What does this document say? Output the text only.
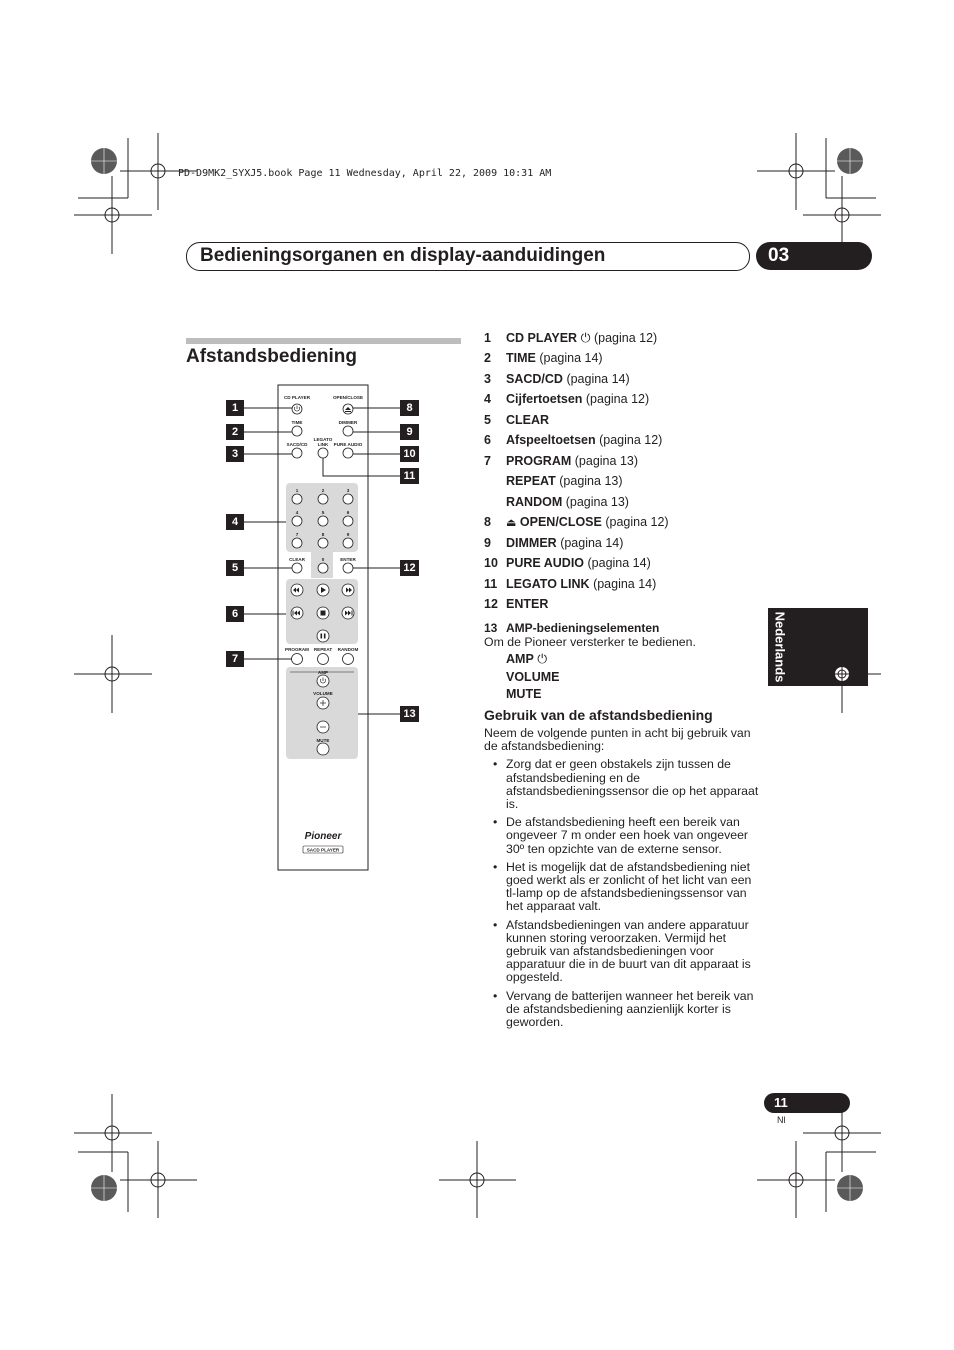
PD-D9MK2_SYXJ5.book Page 11 Wednesday, April 22, 2009 10:31 AM
Bedieningsorganen en display-aanduidingen	03
Afstandsbediening
CD PLAYER	OPEN/CLOSE
TIME	DIMMER
SACD/CD
LEGATO
LINK PURE AUDIO
1	2	3
4	5	6
7	8	9
CLEAR	0	ENTER
PROGRAM REPEAT RANDOM
AMP
VOLUME
MUTE
Pioneer
SACD PLAYER
1
2
3
4
5
6
7
8
9
10
11
12
13
1 CD PLAYER ⏻ (pagina 12)
2 TIME (pagina 14)
3 SACD/CD (pagina 14)
4 Cijfertoetsen (pagina 12)
5 CLEAR
6 Afspeeltoetsen (pagina 12)
7 PROGRAM (pagina 13)
REPEAT (pagina 13)
RANDOM (pagina 13)
8 ⏏ OPEN/CLOSE (pagina 12)
9 DIMMER (pagina 14)
10 PURE AUDIO (pagina 14)
11 LEGATO LINK (pagina 14)
12 ENTER
13 AMP-bedieningselementen
Om de Pioneer versterker te bedienen.
AMP ⏻
VOLUME
MUTE
Gebruik van de afstandsbediening
Neem de volgende punten in acht bij gebruik van de afstandsbediening:
• Zorg dat er geen obstakels zijn tussen de afstandsbediening en de afstandsbedieningssensor die op het apparaat is.
• De afstandsbediening heeft een bereik van ongeveer 7 m onder een hoek van ongeveer 30º ten opzichte van de externe sensor.
• Het is mogelijk dat de afstandsbediening niet goed werkt als er zonlicht of het licht van een tl-lamp op de afstandsbedieningssensor van het apparaat valt.
• Afstandsbedieningen van andere apparatuur kunnen storing veroorzaken. Vermijd het gebruik van afstandsbedieningen voor apparatuur die in de buurt van dit apparaat is opgesteld.
• Vervang de batterijen wanneer het bereik van de afstandsbediening aanzienlijk korter is geworden.
Nederlands
11
Nl
